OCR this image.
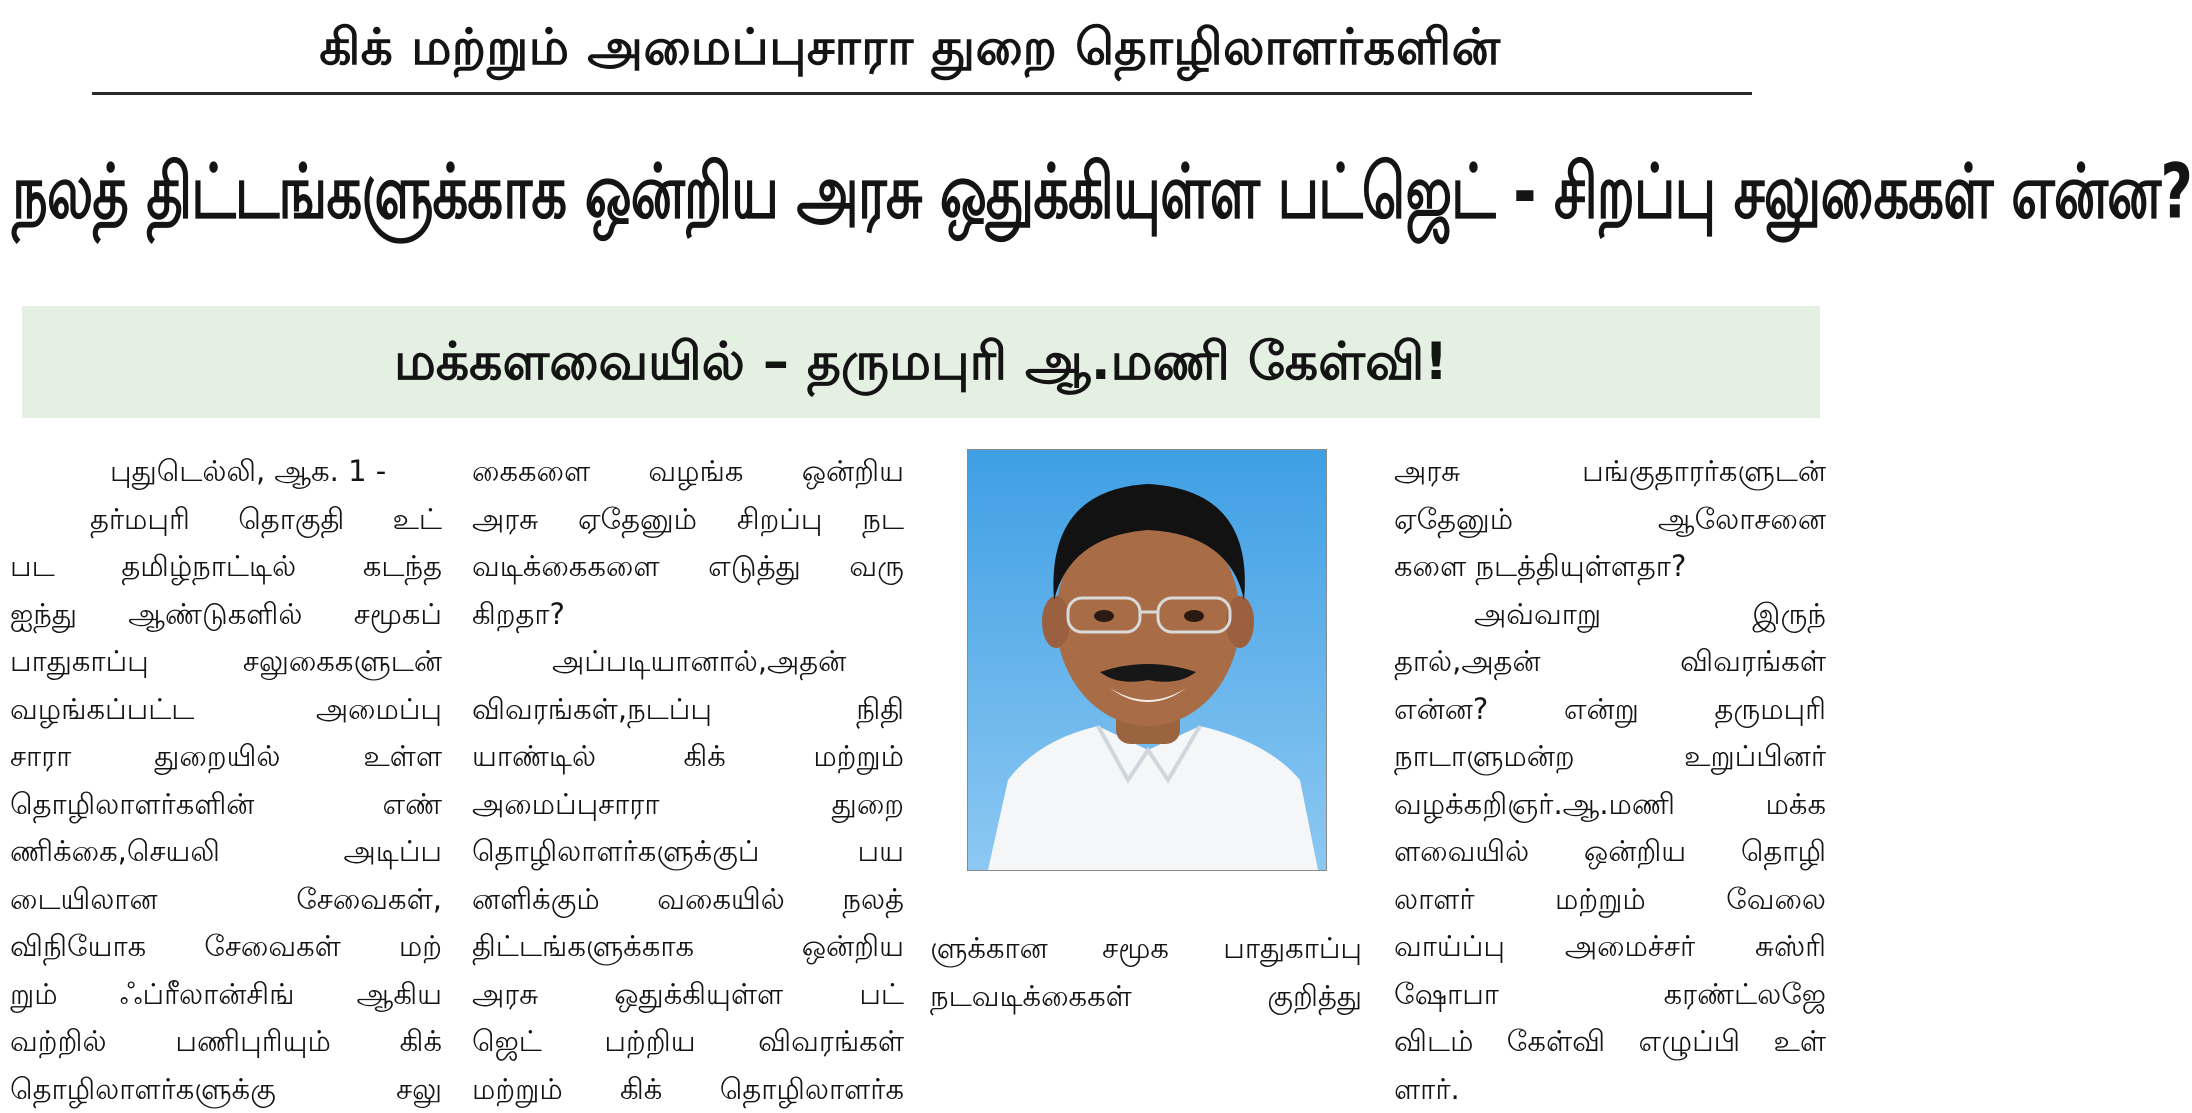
கிக் மற்றும் அமைப்புசாரா துறை தொழிலாளர்களின்
நலத் திட்டங்களுக்காக ஒன்றிய அரசு ஒதுக்கியுள்ள பட்ஜெட் - சிறப்பு சலுகைகள் என்ன?
மக்களவையில் – தருமபுரி ஆ.மணி கேள்வி!
புதுடெல்லி, ஆக. 1 -
தர்மபுரி தொகுதி உட்
பட தமிழ்நாட்டில் கடந்த
ஐந்து ஆண்டுகளில் சமூகப்
பாதுகாப்பு சலுகைகளுடன்
வழங்கப்பட்ட அமைப்பு
சாரா துறையில் உள்ள
தொழிலாளர்களின் எண்
ணிக்கை,செயலி அடிப்ப
டையிலான சேவைகள்,
விநியோக சேவைகள் மற்
றும் ஃப்ரீலான்சிங் ஆகிய
வற்றில் பணிபுரியும் கிக்
தொழிலாளர்களுக்கு சலு
கைகளை வழங்க ஒன்றிய
அரசு ஏதேனும் சிறப்பு நட
வடிக்கைகளை எடுத்து வரு
கிறதா?
அப்படியானால்,அதன்
விவரங்கள்,நடப்பு நிதி
யாண்டில் கிக் மற்றும்
அமைப்புசாரா துறை
தொழிலாளர்களுக்குப் பய
னளிக்கும் வகையில் நலத்
திட்டங்களுக்காக ஒன்றிய
அரசு ஒதுக்கியுள்ள பட்
ஜெட் பற்றிய விவரங்கள்
மற்றும் கிக் தொழிலாளர்க
ளுக்கான சமூக பாதுகாப்பு
நடவடிக்கைகள் குறித்து
அரசு பங்குதாரர்களுடன்
ஏதேனும் ஆலோசனை
களை நடத்தியுள்ளதா?
அவ்வாறு இருந்
தால்,அதன் விவரங்கள்
என்ன? என்று தருமபுரி
நாடாளுமன்ற உறுப்பினர்
வழக்கறிஞர்.ஆ.மணி மக்க
ளவையில் ஒன்றிய தொழி
லாளர் மற்றும் வேலை
வாய்ப்பு அமைச்சர் சுஸ்ரி
ஷோபா கரண்ட்லஜே
விடம் கேள்வி எழுப்பி உள்
ளார்.
